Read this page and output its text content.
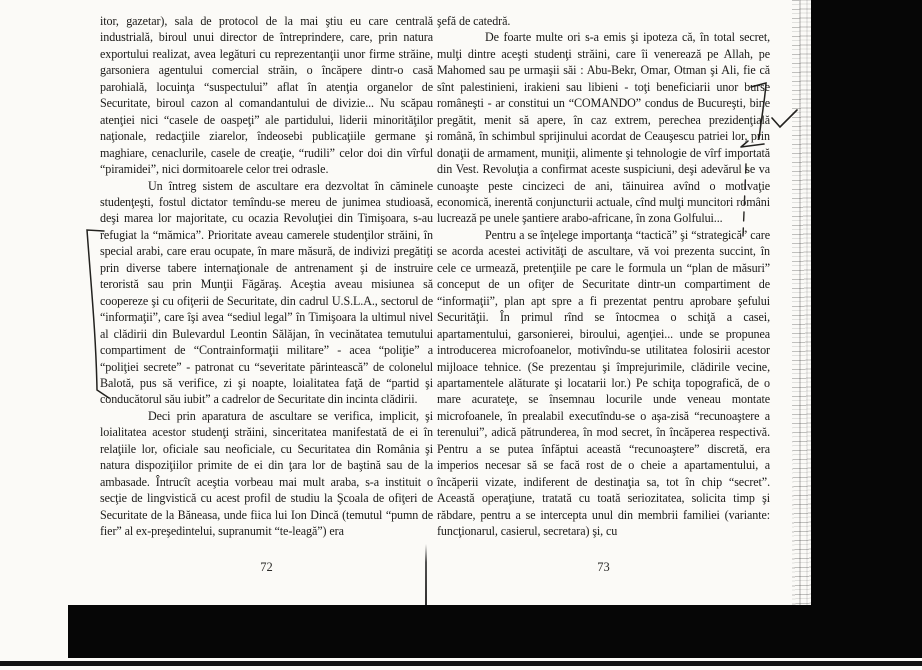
itor, gazetar), sala de protocol de la mai ştiu eu care centrală industrială, biroul unui director de întreprindere, care, prin natura exportului realizat, avea legături cu reprezentanţii unor firme străine, garsoniera agentului comercial străin, o încăpere dintr-o casă parohială, locuinţa “suspectului” aflat în atenţia organelor de Securitate, biroul cazon al comandantului de divizie... Nu scăpau atenţiei nici “casele de oaspeţi” ale partidului, liderii minorităţilor naţionale, redacţiile ziarelor, îndeosebi publicaţiile germane şi maghiare, cenaclurile, casele de creaţie, “rudili” celor doi din vîrful “piramidei”, nici dormitoarele celor trei odrasle.

Un întreg sistem de ascultare era dezvoltat în căminele studenţeşti, fostul dictator temîndu-se mereu de junimea studioasă, deşi marea lor majoritate, cu ocazia Revoluţiei din Timişoara, s-au refugiat la “mămica”. Prioritate aveau camerele studenţilor străini, în special arabi, care erau ocupate, în mare măsură, de indivizi pregătiţi prin diverse tabere internaţionale de antrenament şi de instruire teroristă sau prin Munţii Făgăraş. Aceştia aveau misiunea să coopereze şi cu ofiţerii de Securitate, din cadrul U.S.L.A., sectorul de “informaţii”, care îşi avea “sediul legal” în Timişoara la ultimul nivel al clădirii din Bulevardul Leontin Sălăjan, în vecinătatea temutului compartiment de “Contrainformaţii militare” - acea “poliţie” a “poliţiei secrete” - patronat cu “severitate părintească” de colonelul Balotă, pus să verifice, zi şi noapte, loialitatea faţă de “partid şi conducătorul său iubit” a cadrelor de Securitate din incinta clădirii.

Deci prin aparatura de ascultare se verifica, implicit, şi loialitatea acestor studenţi străini, sinceritatea manifestată de ei în relaţiile lor, oficiale sau neoficiale, cu Securitatea din România şi natura dispoziţiilor primite de ei din ţara lor de baştină sau de la ambasade. Întrucît aceştia vorbeau mai mult araba, s-a instituit o secţie de lingvistică cu acest profil de studiu la Şcoala de ofiţeri de Securitate de la Băneasa, unde fiica lui Ion Dincă (temutul “pumn de fier” al ex-preşedintelui, supranumit “te-leagă”) era

72

şefă de catedră.

De foarte multe ori s-a emis şi ipoteza că, în total secret, mulţi dintre aceşti studenţi străini, care îi venerează pe Allah, pe Mahomed sau pe urmaşii săi : Abu-Bekr, Omar, Otman şi Ali, fie că sînt palestinieni, irakieni sau libieni - toţi beneficiarii unor burse româneşti - ar constitui un “COMANDO” condus de Bucureşti, bine pregătit, menit să apere, în caz extrem, perechea prezidenţială română, în schimbul sprijinului acordat de Ceauşescu patriei lor, prin donaţii de armament, muniţii, alimente şi tehnologie de vîrf importată din Vest. Revoluţia a confirmat aceste suspiciuni, deşi adevărul se va cunoaşte peste cincizeci de ani, tăinuirea avînd o motivaţie economică, inerentă conjuncturii actuale, cînd mulţi muncitori români lucrează pe unele şantiere arabo-africane, în zona Golfului...

Pentru a se înţelege importanţa “tactică” şi “strategică” care se acorda acestei activităţi de ascultare, vă voi prezenta succint, în cele ce urmează, pretenţiile pe care le formula un “plan de măsuri” conceput de un ofiţer de Securitate dintr-un compartiment de “informaţii”, plan apt spre a fi prezentat pentru aprobare şefului Securităţii. În primul rînd se întocmea o schiţă a casei, apartamentului, garsonierei, biroului, agenţiei... unde se propunea introducerea microfoanelor, motivîndu-se utilitatea folosirii acestor mijloace tehnice. (Se prezentau şi împrejurimile, clădirile vecine, apartamentele alăturate şi locatarii lor.) Pe schiţa topografică, de o mare acurateţe, se însemnau locurile unde veneau montate microfoanele, în prealabil executîndu-se o aşa-zisă “recunoaştere a terenului”, adică pătrunderea, în mod secret, în încăperea respectivă. Pentru a se putea înfăptui această “recunoaştere” discretă, era imperios necesar să se facă rost de o cheie a apartamentului, a încăperii vizate, indiferent de destinaţia sa, tot în chip “secret”. Această operaţiune, tratată cu toată seriozitatea, solicita timp şi răbdare, pentru a se intercepta unul din membrii familiei (variante: funcţionarul, casierul, secretara) şi, cu

73
